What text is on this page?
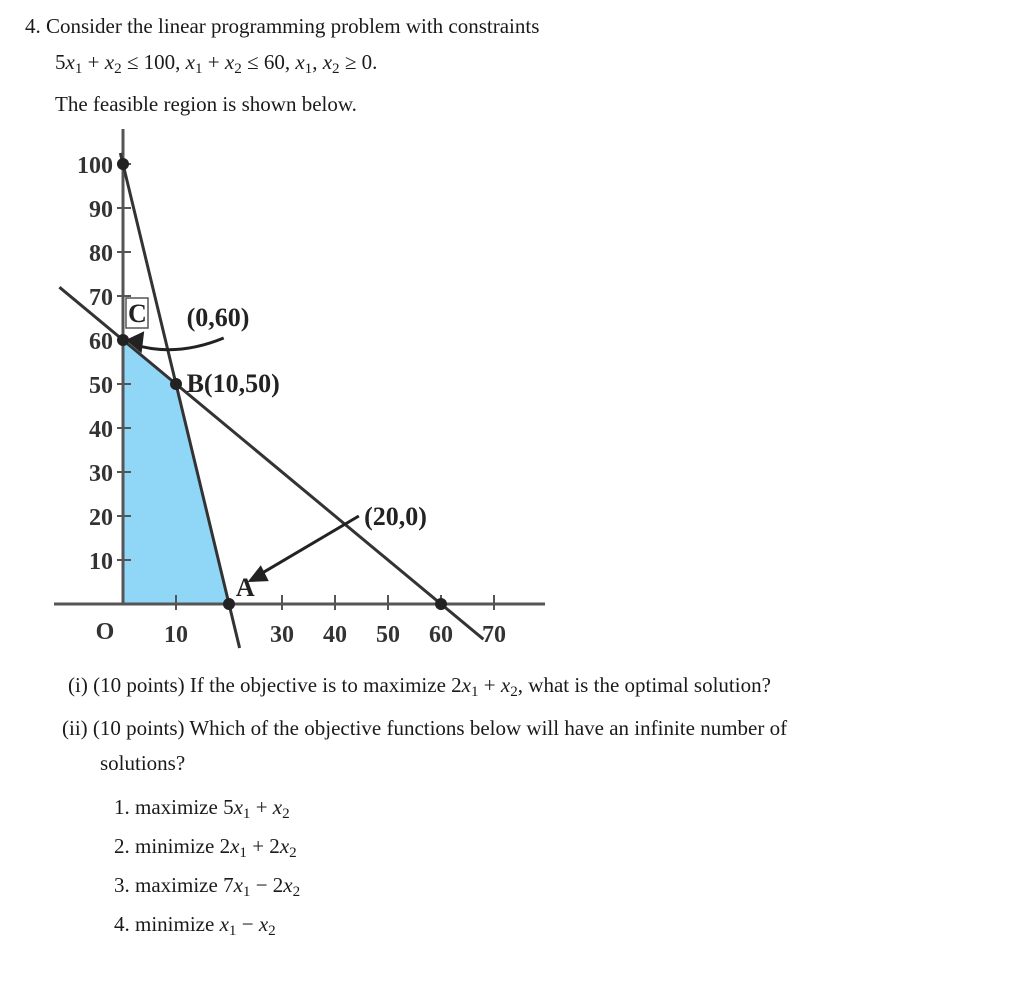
4. Consider the linear programming problem with constraints
$5x_1 + x_2 \le 100$, $x_1 + x_2 \le 60$, $x_1$, $x_2 \ge 0$.
The feasible region is shown below.
100
90
80
70
60
50
40
30
20
10
O 10	30 40 50 60 70
C (0,60)
B(10,50)
(20,0)
A
(i) (10 points) If the objective is to maximize $2x_1 + x_2$, what is the optimal solution?
(ii) (10 points) Which of the objective functions below will have an infinite number of
solutions?
1. maximize $5x_1 + x_2$
2. minimize $2x_1 + 2x_2$
3. maximize $7x_1 - 2x_2$
4. minimize $x_1 - x_2$
